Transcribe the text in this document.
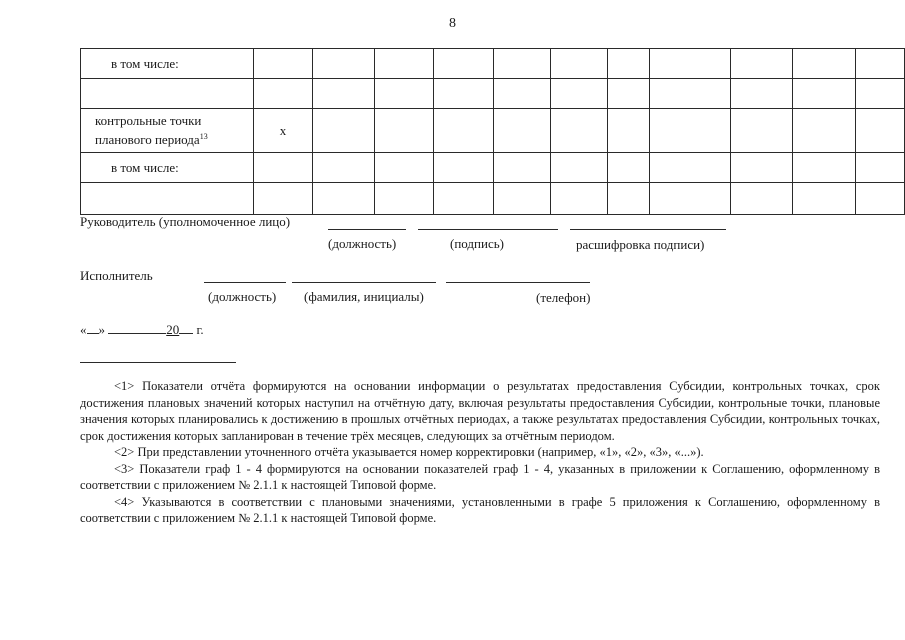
8
в том числе:											

контрольные точки
планового периода$^{13}$	x										
в том числе:											

Руководитель (уполномоченное лицо)
(должность)	(подпись)	расшифровка подписи)
Исполнитель
(должность) (фамилия, инициалы)	(телефон)
« »	20 г.

<1> Показатели отчёта формируются на основании информации о результатах предоставления Субсидии, контрольных точках, срок достижения плановых значений которых наступил на отчётную дату, включая результаты предоставления Субсидии, контрольные точки, плановые значения которых планировались к достижению в прошлых отчётных периодах, а также результатах предоставления Субсидии, контрольных точках, срок достижения которых запланирован в течение трёх месяцев, следующих за отчётным периодом.

<2> При представлении уточненного отчёта указывается номер корректировки (например, «1», «2», «3», «...»).

<3> Показатели граф 1 - 4 формируются на основании показателей граф 1 - 4, указанных в приложении к Соглашению, оформленному в соответствии с приложением № 2.1.1 к настоящей Типовой форме.

<4> Указываются в соответствии с плановыми значениями, установленными в графе 5 приложения к Соглашению, оформленному в соответствии с приложением № 2.1.1 к настоящей Типовой форме.
